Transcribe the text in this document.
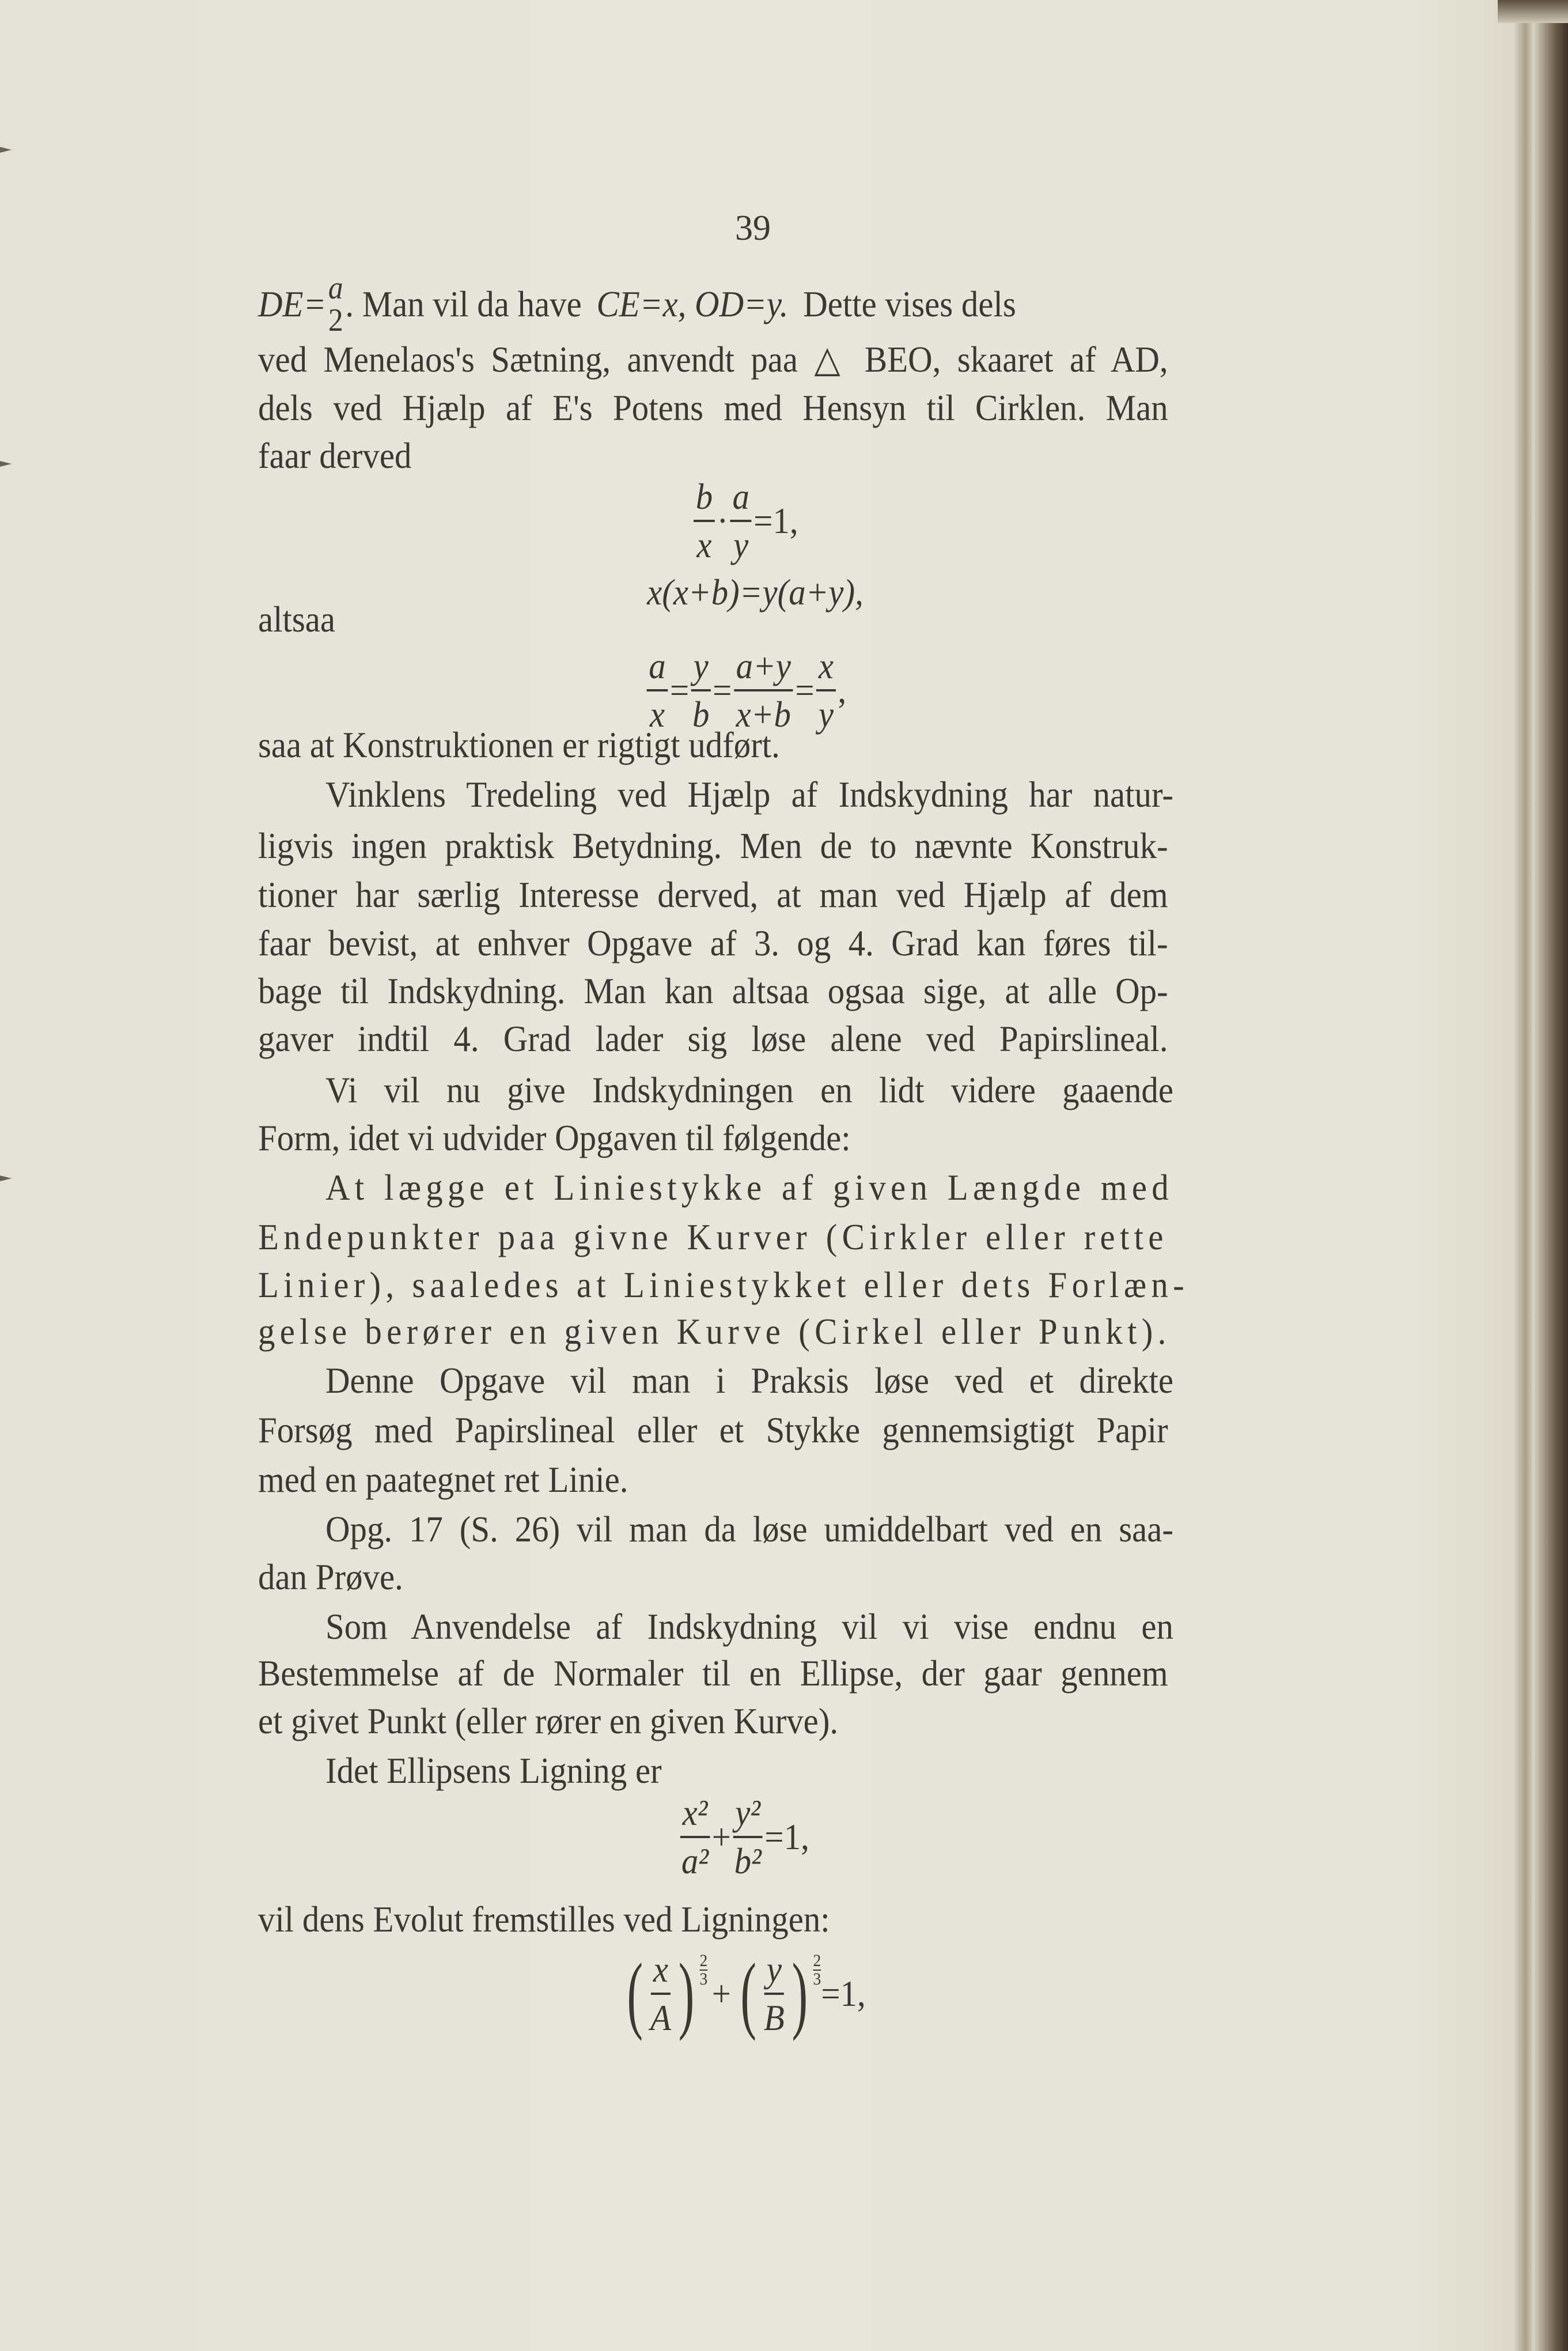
39
DE= a
2 . Man vil da have CE=x, OD=y. Dette vises dels
ved Menelaos's Sætning, anvendt paa △ BEO, skaaret af AD,
dels ved Hjælp af E's Potens med Hensyn til Cirklen. Man
faar derved
$\frac{b}{x} \cdot \frac{a}{y} =1$,
x(x+b)=y(a+y),
altsaa
$\frac{a}{x} = \frac{y}{b} = \frac{a+y}{x+b} = \frac{x}{y}$ ,
saa at Konstruktionen er rigtigt udført.
Vinklens Tredeling ved Hjælp af Indskydning har natur-
ligvis ingen praktisk Betydning. Men de to nævnte Konstruk-
tioner har særlig Interesse derved, at man ved Hjælp af dem
faar bevist, at enhver Opgave af 3. og 4. Grad kan føres til-
bage til Indskydning. Man kan altsaa ogsaa sige, at alle Op-
gaver indtil 4. Grad lader sig løse alene ved Papirslineal.
Vi vil nu give Indskydningen en lidt videre gaaende
Form, idet vi udvider Opgaven til følgende:
At lægge et Liniestykke af given Længde med
Endepunkter paa givne Kurver (Cirkler eller rette
Linier), saaledes at Liniestykket eller dets Forlæn-
gelse berører en given Kurve (Cirkel eller Punkt).
Denne Opgave vil man i Praksis løse ved et direkte
Forsøg med Papirslineal eller et Stykke gennemsigtigt Papir
med en paategnet ret Linie.
Opg. 17 (S. 26) vil man da løse umiddelbart ved en saa-
dan Prøve.
Som Anvendelse af Indskydning vil vi vise endnu en
Bestemmelse af de Normaler til en Ellipse, der gaar gennem
et givet Punkt (eller rører en given Kurve).
Idet Ellipsens Ligning er
$\frac{\text{x²}}{\text{a²}} + \frac{\text{y²}}{\text{b²}} =1$,
vil dens Evolut fremstilles ved Ligningen:
( $\frac{x}{A}$ ) $\frac{2}{3}$
+ ( $\frac{y}{B}$ ) $\frac{2}{3}$
=1,
